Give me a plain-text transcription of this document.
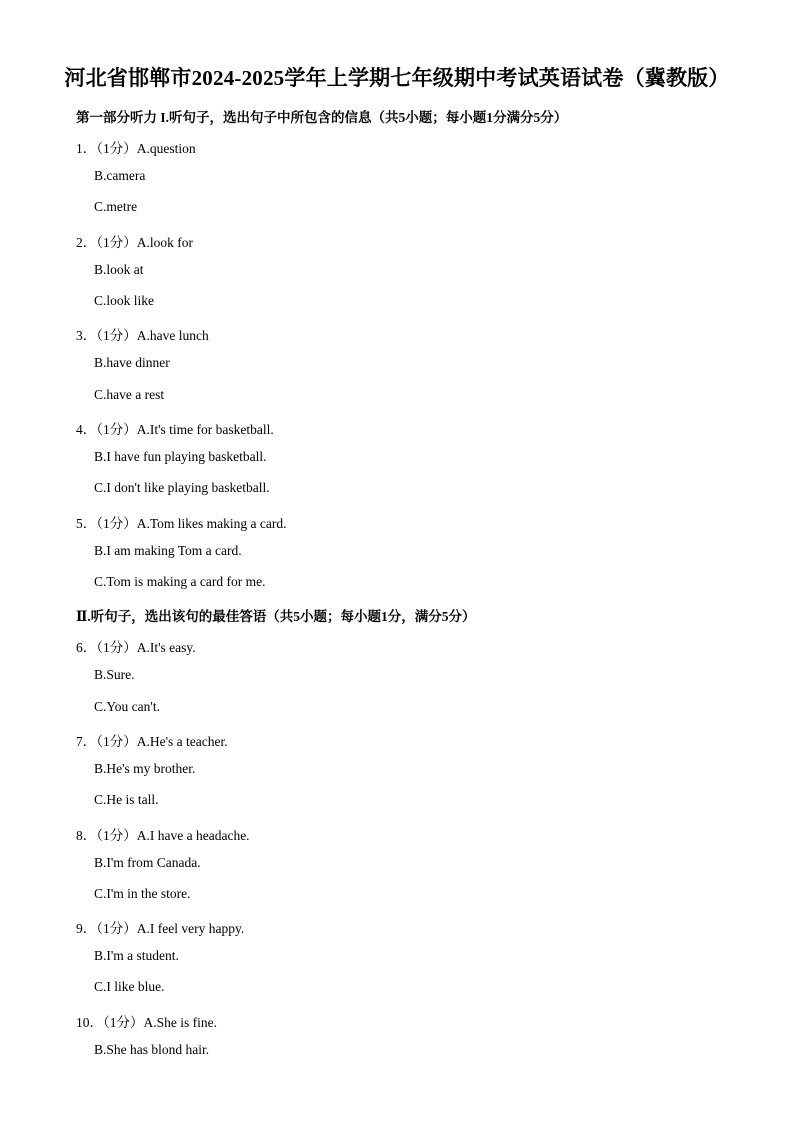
河北省邯郸市2024-2025学年上学期七年级期中考试英语试卷（冀教版）
第一部分听力 I.听句子，选出句子中所包含的信息（共5小题；每小题1分满分5分）
1．（1分）A.question
B.camera
C.metre
2．（1分）A.look for
B.look at
C.look like
3．（1分）A.have lunch
B.have dinner
C.have a rest
4．（1分）A.It's time for basketball.
B.I have fun playing basketball.
C.I don't like playing basketball.
5．（1分）A.Tom likes making a card.
B.I am making Tom a card.
C.Tom is making a card for me.
Ⅱ.听句子，选出该句的最佳答语（共5小题；每小题1分，满分5分）
6．（1分）A.It's easy.
B.Sure.
C.You can't.
7．（1分）A.He's a teacher.
B.He's my brother.
C.He is tall.
8．（1分）A.I have a headache.
B.I'm from Canada.
C.I'm in the store.
9．（1分）A.I feel very happy.
B.I'm a student.
C.I like blue.
10．（1分）A.She is fine.
B.She has blond hair.
